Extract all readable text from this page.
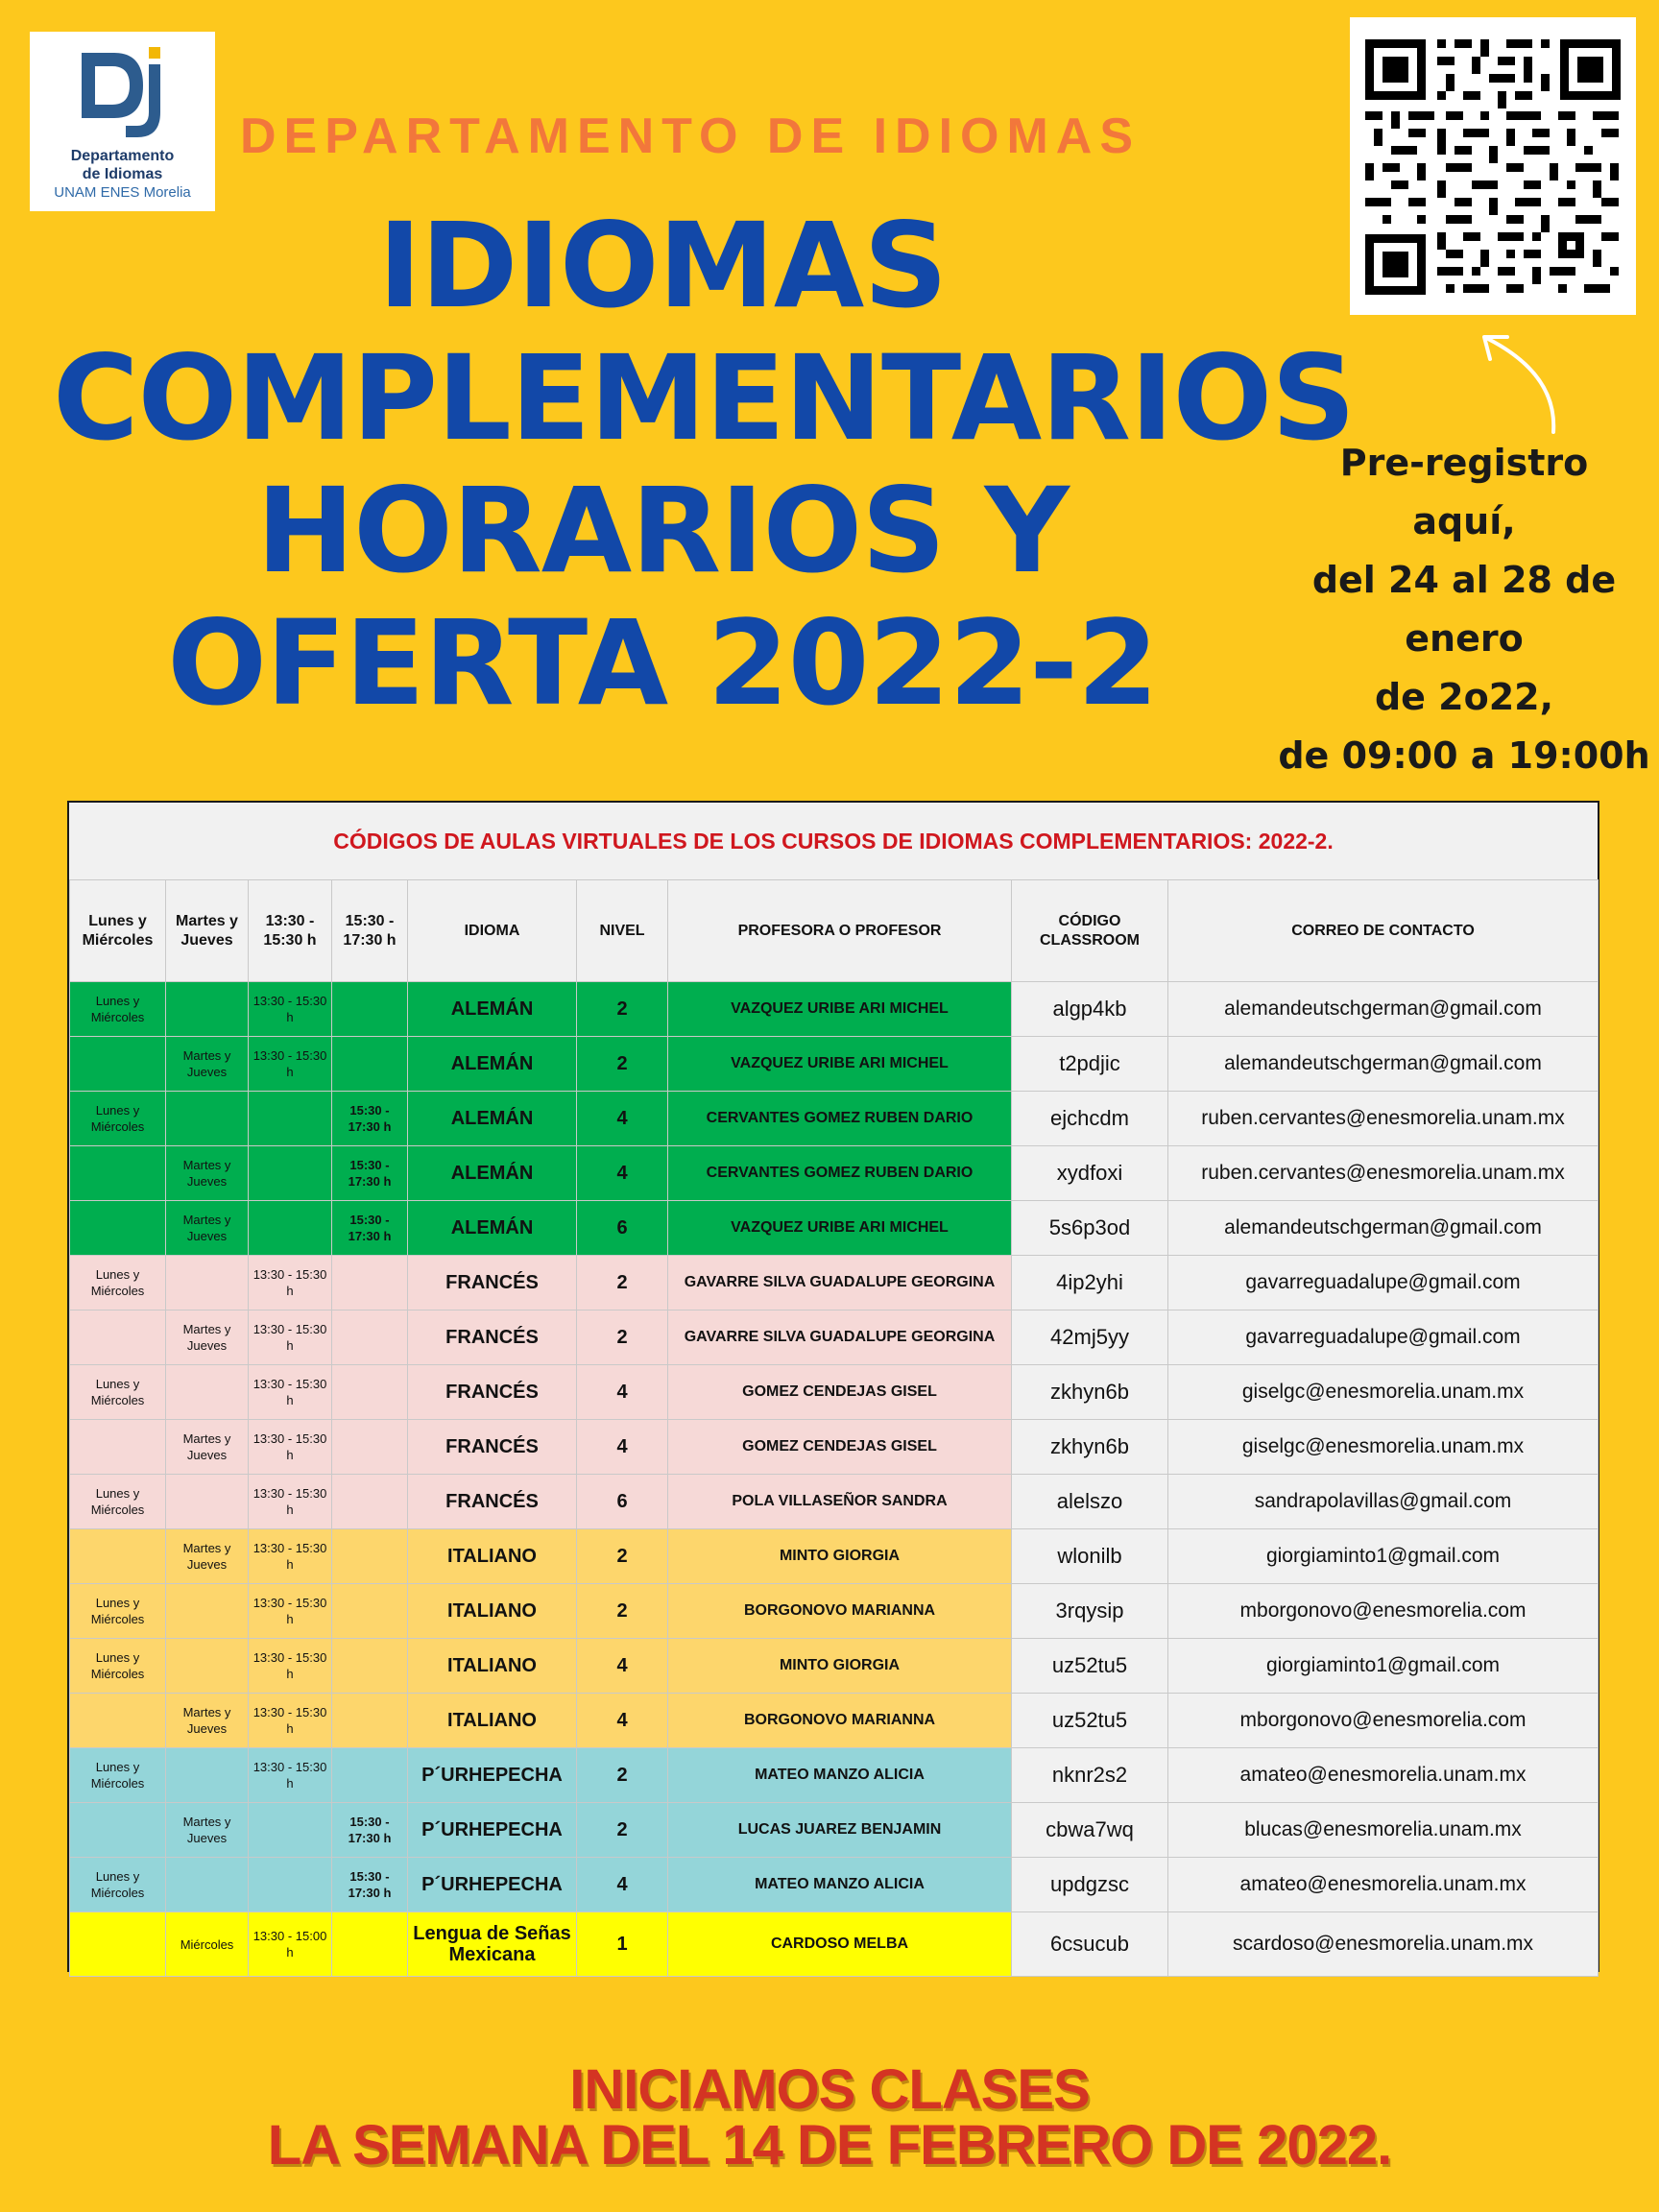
Departamento
de Idiomas
UNAM ENES Morelia
DEPARTAMENTO DE IDIOMAS
IDIOMAS
COMPLEMENTARIOS
HORARIOS Y
OFERTA 2022-2

Pre-registro
aquí,
del 24 al 28 de
enero
de 2o22,
de 09:00 a 19:00h

CÓDIGOS DE AULAS VIRTUALES DE LOS CURSOS DE IDIOMAS COMPLEMENTARIOS: 2022-2.
Lunes y Miércoles	Martes y Jueves	13:30 - 15:30 h	15:30 - 17:30 h	IDIOMA	NIVEL	PROFESORA O PROFESOR	CÓDIGO CLASSROOM	CORREO DE CONTACTO
Lunes y Miércoles		13:30 - 15:30 h		ALEMÁN	2	VAZQUEZ URIBE ARI MICHEL	algp4kb	alemandeutschgerman@gmail.com
	Martes y Jueves	13:30 - 15:30 h		ALEMÁN	2	VAZQUEZ URIBE ARI MICHEL	t2pdjic	alemandeutschgerman@gmail.com
Lunes y Miércoles			15:30 - 17:30 h	ALEMÁN	4	CERVANTES GOMEZ RUBEN DARIO	ejchcdm	ruben.cervantes@enesmorelia.unam.mx
	Martes y Jueves		15:30 - 17:30 h	ALEMÁN	4	CERVANTES GOMEZ RUBEN DARIO	xydfoxi	ruben.cervantes@enesmorelia.unam.mx
	Martes y Jueves		15:30 - 17:30 h	ALEMÁN	6	VAZQUEZ URIBE ARI MICHEL	5s6p3od	alemandeutschgerman@gmail.com
Lunes y Miércoles		13:30 - 15:30 h		FRANCÉS	2	GAVARRE SILVA GUADALUPE GEORGINA	4ip2yhi	gavarreguadalupe@gmail.com
	Martes y Jueves	13:30 - 15:30 h		FRANCÉS	2	GAVARRE SILVA GUADALUPE GEORGINA	42mj5yy	gavarreguadalupe@gmail.com
Lunes y Miércoles		13:30 - 15:30 h		FRANCÉS	4	GOMEZ CENDEJAS GISEL	zkhyn6b	giselgc@enesmorelia.unam.mx
	Martes y Jueves	13:30 - 15:30 h		FRANCÉS	4	GOMEZ CENDEJAS GISEL	zkhyn6b	giselgc@enesmorelia.unam.mx
Lunes y Miércoles		13:30 - 15:30 h		FRANCÉS	6	POLA VILLASEÑOR SANDRA	alelszo	sandrapolavillas@gmail.com
	Martes y Jueves	13:30 - 15:30 h		ITALIANO	2	MINTO GIORGIA	wlonilb	giorgiaminto1@gmail.com
Lunes y Miércoles		13:30 - 15:30 h		ITALIANO	2	BORGONOVO MARIANNA	3rqysip	mborgonovo@enesmorelia.com
Lunes y Miércoles		13:30 - 15:30 h		ITALIANO	4	MINTO GIORGIA	uz52tu5	giorgiaminto1@gmail.com
	Martes y Jueves	13:30 - 15:30 h		ITALIANO	4	BORGONOVO MARIANNA	uz52tu5	mborgonovo@enesmorelia.com
Lunes y Miércoles		13:30 - 15:30 h		P´URHEPECHA	2	MATEO MANZO ALICIA	nknr2s2	amateo@enesmorelia.unam.mx
	Martes y Jueves		15:30 - 17:30 h	P´URHEPECHA	2	LUCAS JUAREZ BENJAMIN	cbwa7wq	blucas@enesmorelia.unam.mx
Lunes y Miércoles			15:30 - 17:30 h	P´URHEPECHA	4	MATEO MANZO ALICIA	updgzsc	amateo@enesmorelia.unam.mx
	Miércoles	13:30 - 15:00 h		Lengua de Señas Mexicana	1	CARDOSO MELBA	6csucub	scardoso@enesmorelia.unam.mx

INICIAMOS CLASES
LA SEMANA DEL 14 DE FEBRERO DE 2022.
